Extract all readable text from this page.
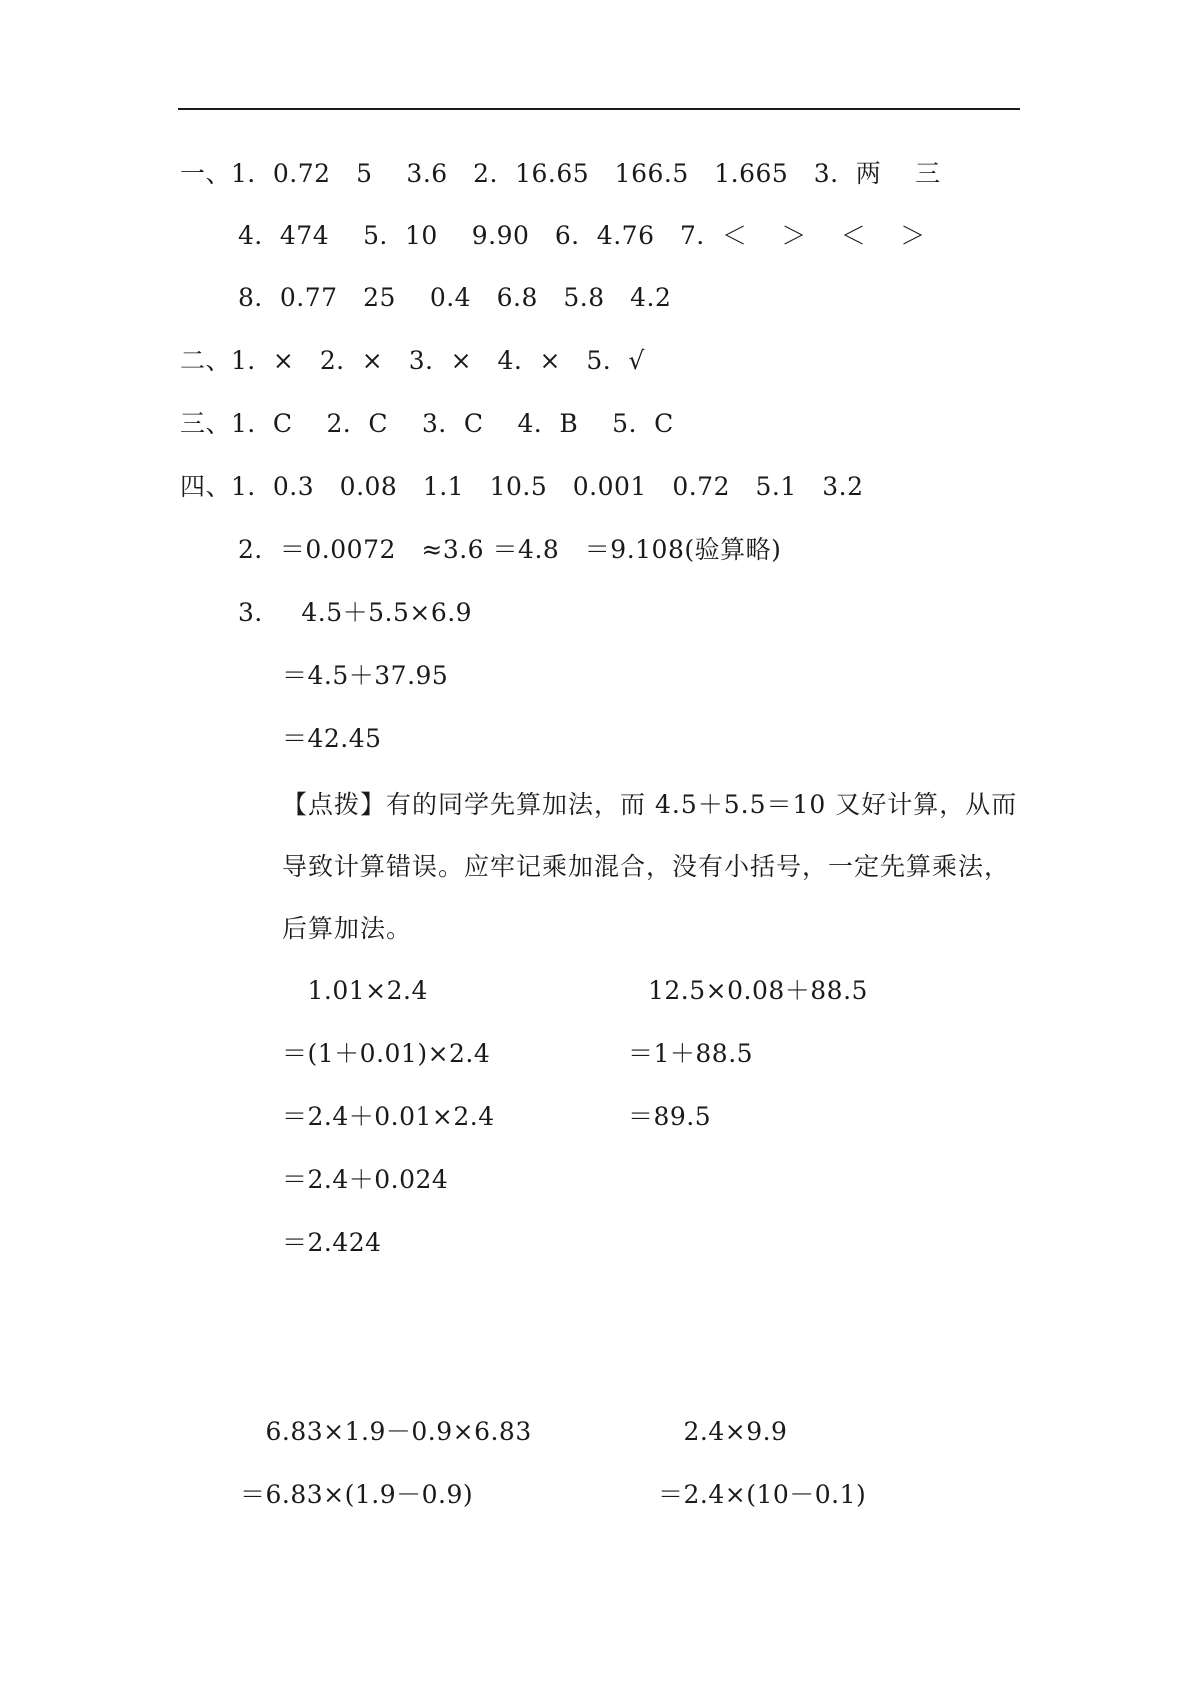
一、1．0.72　5　 3.6　2．16.65　166.5　1.665　3．两　 三
4．474　 5．10　 9.90　6．4.76　7．＜　 ＞　 ＜　 ＞
8．0.77　25　 0.4　6.8　5.8　4.2
二、1．×　2．×　3．×　4．×　5．√
三、1．C　 2．C　 3．C　 4．B　 5．C
四、1．0.3　0.08　1.1　10.5　0.001　0.72　5.1　3.2
2．＝0.0072　≈3.6 ＝4.8　＝9.108(验算略)
3．　 4.5＋5.5×6.9
＝4.5＋37.95
＝42.45
【点拨】有的同学先算加法，而 4.5＋5.5＝10 又好计算，从而导致计算错误。应牢记乘加混合，没有小括号，一定先算乘法，后算加法。
　1.01×2.4
＝(1＋0.01)×2.4
＝2.4＋0.01×2.4
＝2.4＋0.024
＝2.424
12.5×0.08＋88.5
＝1＋88.5
＝89.5
　6.83×1.9－0.9×6.83
＝6.83×(1.9－0.9)
　2.4×9.9
＝2.4×(10－0.1)
